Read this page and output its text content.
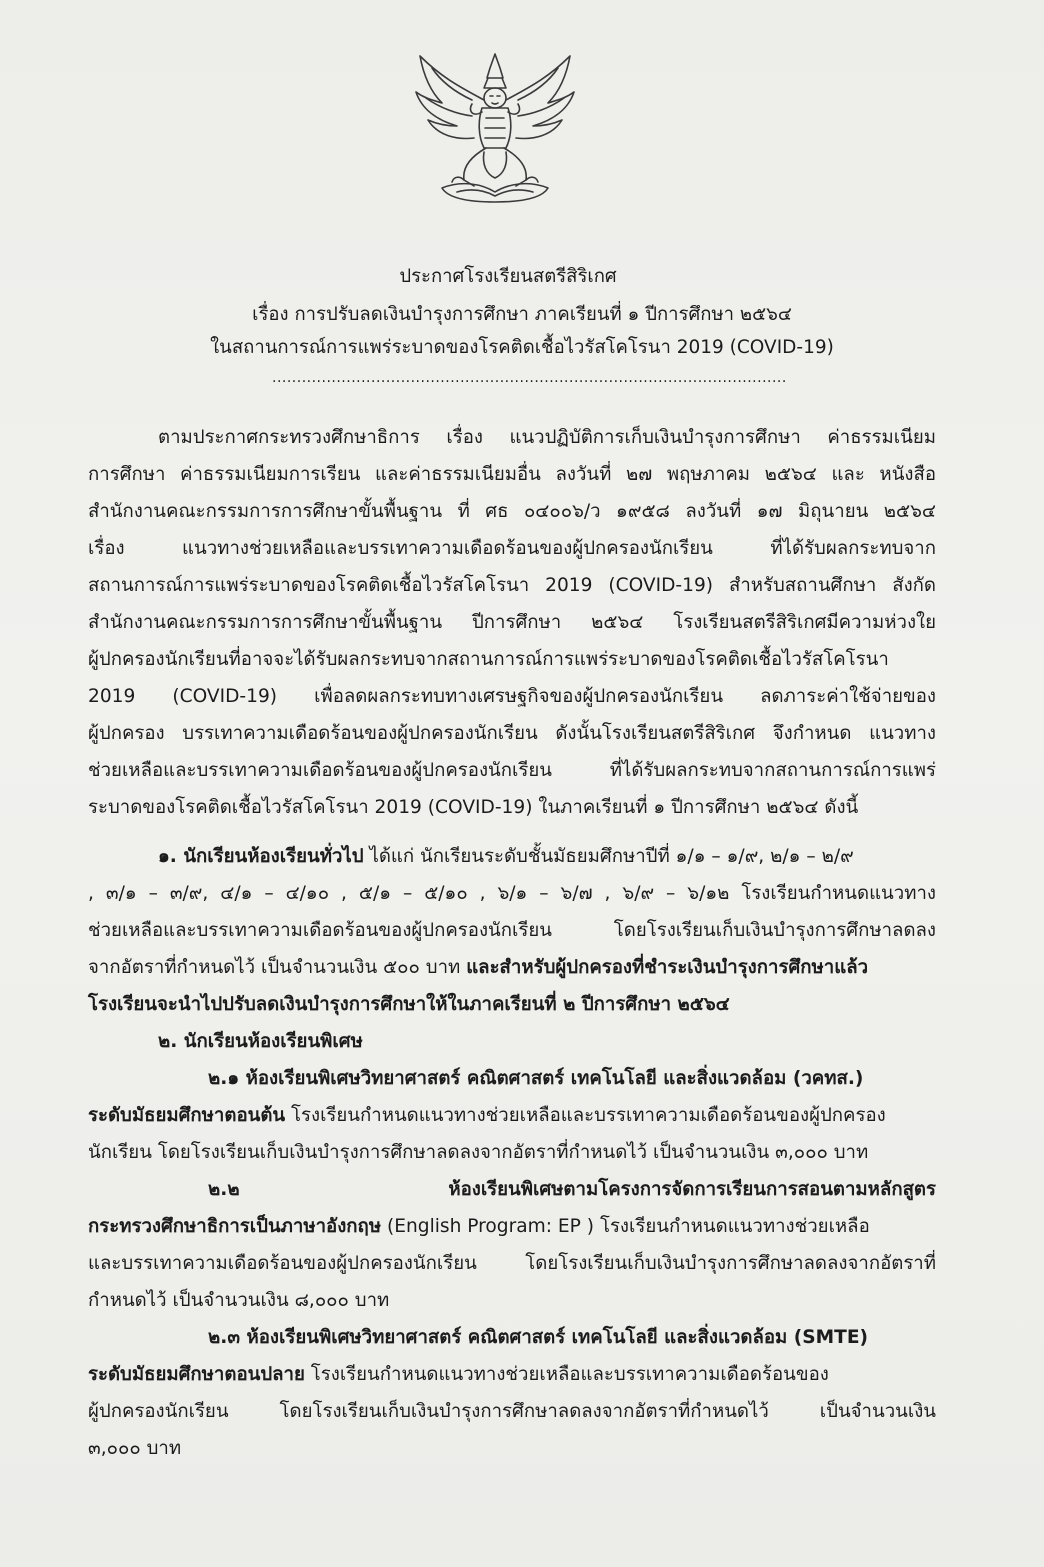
ประกาศโรงเรียนสตรีสิริเกศ
เรื่อง การปรับลดเงินบำรุงการศึกษา ภาคเรียนที่ ๑ ปีการศึกษา ๒๕๖๔
ในสถานการณ์การแพร่ระบาดของโรคติดเชื้อไวรัสโคโรนา 2019 (COVID-19)
........................................................................................................
ตามประกาศกระทรวงศึกษาธิการ เรื่อง แนวปฏิบัติการเก็บเงินบำรุงการศึกษา ค่าธรรมเนียม
การศึกษา ค่าธรรมเนียมการเรียน และค่าธรรมเนียมอื่น ลงวันที่ ๒๗ พฤษภาคม ๒๕๖๔ และ หนังสือ
สำนักงานคณะกรรมการการศึกษาขั้นพื้นฐาน ที่ ศธ ๐๔๐๐๖/ว ๑๙๕๘ ลงวันที่ ๑๗ มิถุนายน ๒๕๖๔
เรื่อง แนวทางช่วยเหลือและบรรเทาความเดือดร้อนของผู้ปกครองนักเรียน ที่ได้รับผลกระทบจาก
สถานการณ์การแพร่ระบาดของโรคติดเชื้อไวรัสโคโรนา 2019 (COVID-19) สำหรับสถานศึกษา สังกัด
สำนักงานคณะกรรมการการศึกษาขั้นพื้นฐาน ปีการศึกษา ๒๕๖๔ โรงเรียนสตรีสิริเกศมีความห่วงใย
ผู้ปกครองนักเรียนที่อาจจะได้รับผลกระทบจากสถานการณ์การแพร่ระบาดของโรคติดเชื้อไวรัสโคโรนา
2019 (COVID-19) เพื่อลดผลกระทบทางเศรษฐกิจของผู้ปกครองนักเรียน ลดภาระค่าใช้จ่ายของ
ผู้ปกครอง บรรเทาความเดือดร้อนของผู้ปกครองนักเรียน ดังนั้นโรงเรียนสตรีสิริเกศ จึงกำหนด แนวทาง
ช่วยเหลือและบรรเทาความเดือดร้อนของผู้ปกครองนักเรียน ที่ได้รับผลกระทบจากสถานการณ์การแพร่
ระบาดของโรคติดเชื้อไวรัสโคโรนา 2019 (COVID-19) ในภาคเรียนที่ ๑ ปีการศึกษา ๒๕๖๔ ดังนี้
๑. นักเรียนห้องเรียนทั่วไป ได้แก่ นักเรียนระดับชั้นมัธยมศึกษาปีที่ ๑/๑ – ๑/๙, ๒/๑ – ๒/๙
, ๓/๑ – ๓/๙, ๔/๑ – ๔/๑๐ , ๕/๑ – ๕/๑๐ , ๖/๑ – ๖/๗ , ๖/๙ – ๖/๑๒ โรงเรียนกำหนดแนวทาง
ช่วยเหลือและบรรเทาความเดือดร้อนของผู้ปกครองนักเรียน โดยโรงเรียนเก็บเงินบำรุงการศึกษาลดลง
จากอัตราที่กำหนดไว้ เป็นจำนวนเงิน ๕๐๐ บาท และสำหรับผู้ปกครองที่ชำระเงินบำรุงการศึกษาแล้ว
โรงเรียนจะนำไปปรับลดเงินบำรุงการศึกษาให้ในภาคเรียนที่ ๒ ปีการศึกษา ๒๕๖๔
๒. นักเรียนห้องเรียนพิเศษ
๒.๑ ห้องเรียนพิเศษวิทยาศาสตร์ คณิตศาสตร์ เทคโนโลยี และสิ่งแวดล้อม (วคทส.)
ระดับมัธยมศึกษาตอนต้น โรงเรียนกำหนดแนวทางช่วยเหลือและบรรเทาความเดือดร้อนของผู้ปกครอง
นักเรียน โดยโรงเรียนเก็บเงินบำรุงการศึกษาลดลงจากอัตราที่กำหนดไว้ เป็นจำนวนเงิน ๓,๐๐๐ บาท
๒.๒ ห้องเรียนพิเศษตามโครงการจัดการเรียนการสอนตามหลักสูตร
กระทรวงศึกษาธิการเป็นภาษาอังกฤษ (English Program: EP ) โรงเรียนกำหนดแนวทางช่วยเหลือ
และบรรเทาความเดือดร้อนของผู้ปกครองนักเรียน โดยโรงเรียนเก็บเงินบำรุงการศึกษาลดลงจากอัตราที่
กำหนดไว้ เป็นจำนวนเงิน ๘,๐๐๐ บาท
๒.๓ ห้องเรียนพิเศษวิทยาศาสตร์ คณิตศาสตร์ เทคโนโลยี และสิ่งแวดล้อม (SMTE)
ระดับมัธยมศึกษาตอนปลาย โรงเรียนกำหนดแนวทางช่วยเหลือและบรรเทาความเดือดร้อนของ
ผู้ปกครองนักเรียน โดยโรงเรียนเก็บเงินบำรุงการศึกษาลดลงจากอัตราที่กำหนดไว้ เป็นจำนวนเงิน
๓,๐๐๐ บาท
